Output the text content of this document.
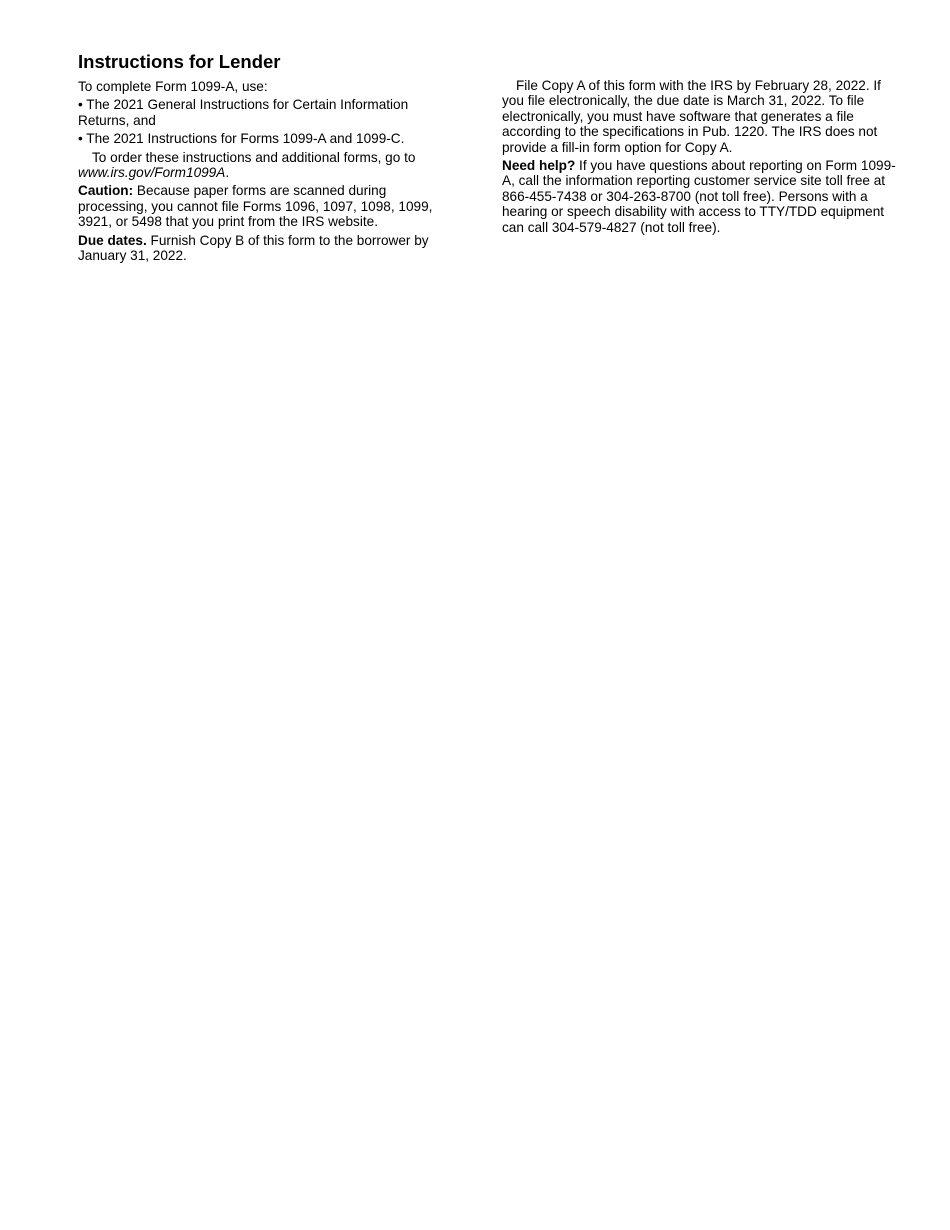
Instructions for Lender

To complete Form 1099-A, use:

• The 2021 General Instructions for Certain Information Returns, and

• The 2021 Instructions for Forms 1099-A and 1099-C.

To order these instructions and additional forms, go to www.irs.gov/Form1099A.

Caution: Because paper forms are scanned during processing, you cannot file Forms 1096, 1097, 1098, 1099, 3921, or 5498 that you print from the IRS website.

Due dates. Furnish Copy B of this form to the borrower by January 31, 2022.

File Copy A of this form with the IRS by February 28, 2022. If you file electronically, the due date is March 31, 2022. To file electronically, you must have software that generates a file according to the specifications in Pub. 1220. The IRS does not provide a fill-in form option for Copy A.

Need help? If you have questions about reporting on Form 1099-A, call the information reporting customer service site toll free at 866-455-7438 or 304-263-8700 (not toll free). Persons with a hearing or speech disability with access to TTY/TDD equipment can call 304-579-4827 (not toll free).
